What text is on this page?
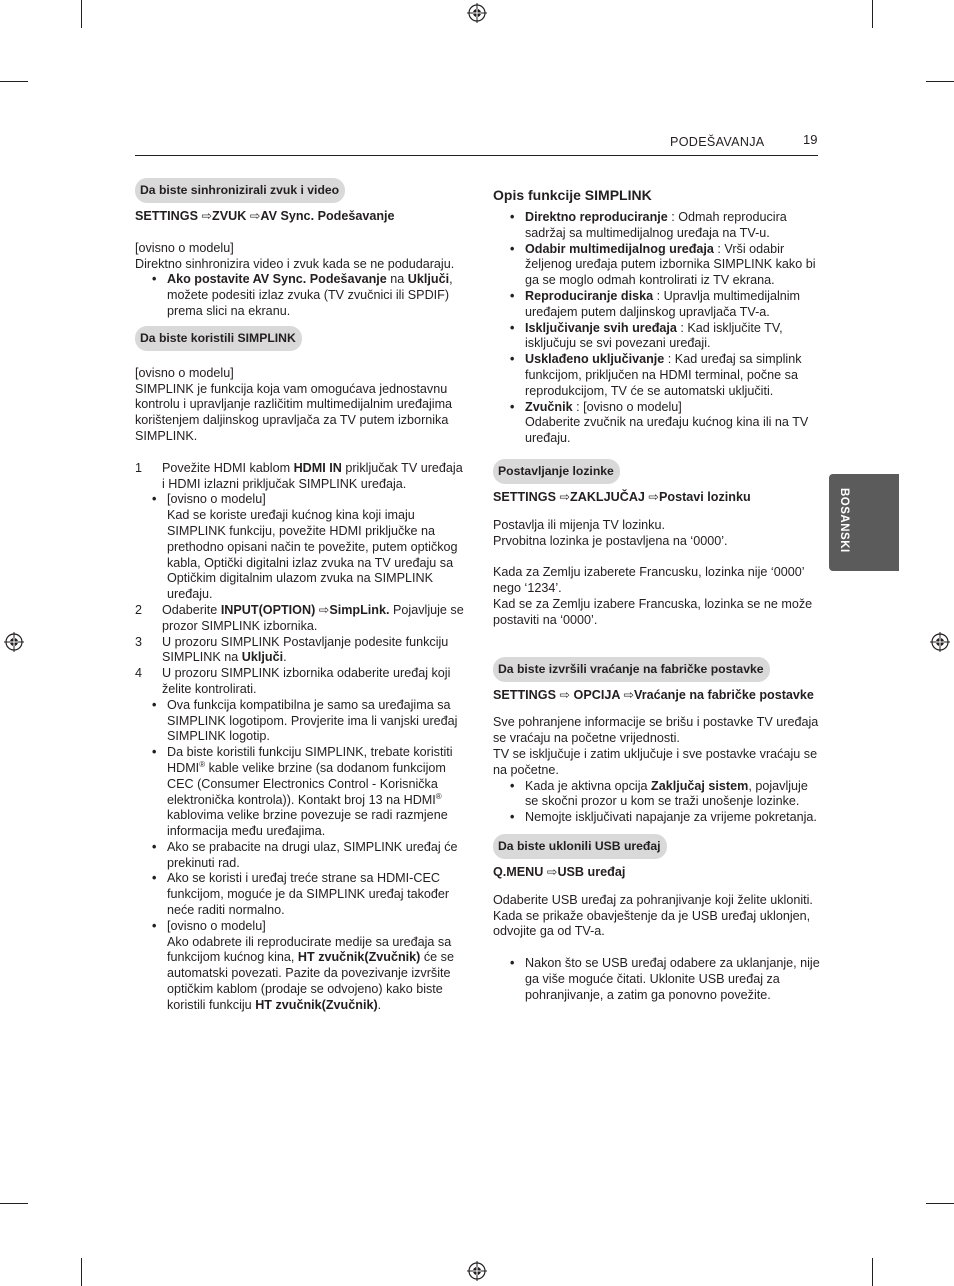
PODEŠAVANJA	19
BOSANSKI
Da biste sinhronizirali zvuk i video

SETTINGS ⇨ZVUK ⇨AV Sync. Podešavanje

[ovisno o modelu]

Direktno sinhronizira video i zvuk kada se ne podudaraju.

• Ako postavite AV Sync. Podešavanje na Uključi, možete podesiti izlaz zvuka (TV zvučnici ili SPDIF) prema slici na ekranu.
Da biste koristili SIMPLINK

[ovisno o modelu]

SIMPLINK je funkcija koja vam omogućava jednostavnu kontrolu i upravljanje različitim multimedijalnim uređajima korištenjem daljinskog upravljača za TV putem izbornika SIMPLINK.

1 Povežite HDMI kablom HDMI IN priključak TV uređaja i HDMI izlazni priključak SIMPLINK uređaja.
• [ovisno o modelu]
Kad se koriste uređaji kućnog kina koji imaju SIMPLINK funkciju, povežite HDMI priključke na prethodno opisani način te povežite, putem optičkog kabla, Optički digitalni izlaz zvuka na TV uređaju sa Optičkim digitalnim ulazom zvuka na SIMPLINK uređaju.
2 Odaberite INPUT(OPTION) ⇨SimpLink. Pojavljuje se prozor SIMPLINK izbornika.
3 U prozoru SIMPLINK Postavljanje podesite funkciju SIMPLINK na Uključi.
4 U prozoru SIMPLINK izbornika odaberite uređaj koji želite kontrolirati.
• Ova funkcija kompatibilna je samo sa uređajima sa SIMPLINK logotipom. Provjerite ima li vanjski uređaj SIMPLINK logotip.
• Da biste koristili funkciju SIMPLINK, trebate koristiti HDMI® kable velike brzine (sa dodanom funkcijom CEC (Consumer Electronics Control - Korisnička elektronička kontrola)). Kontakt broj 13 na HDMI® kablovima velike brzine povezuje se radi razmjene informacija među uređajima.
• Ako se prabacite na drugi ulaz, SIMPLINK uređaj će prekinuti rad.
• Ako se koristi i uređaj treće strane sa HDMI-CEC funkcijom, moguće je da SIMPLINK uređaj također neće raditi normalno.
• [ovisno o modelu]
Ako odabrete ili reproducirate medije sa uređaja sa funkcijom kućnog kina, HT zvučnik(Zvučnik) će se automatski povezati. Pazite da povezivanje izvršite optičkim kablom (prodaje se odvojeno) kako biste koristili funkciju HT zvučnik(Zvučnik).

Opis funkcije SIMPLINK

• Direktno reproduciranje : Odmah reproducira sadržaj sa multimedijalnog uređaja na TV-u.
• Odabir multimedijalnog uređaja : Vrši odabir željenog uređaja putem izbornika SIMPLINK kako bi ga se moglo odmah kontrolirati iz TV ekrana.
• Reproduciranje diska : Upravlja multimedijalnim uređajem putem daljinskog upravljača TV-a.
• Isključivanje svih uređaja : Kad isključite TV, isključuju se svi povezani uređaji.
• Usklađeno uključivanje : Kad uređaj sa simplink funkcijom, priključen na HDMI terminal, počne sa reprodukcijom, TV će se automatski uključiti.
• Zvučnik : [ovisno o modelu]
Odaberite zvučnik na uređaju kućnog kina ili na TV uređaju.
Postavljanje lozinke

SETTINGS ⇨ZAKLJUČAJ ⇨Postavi lozinku

Postavlja ili mijenja TV lozinku.
Prvobitna lozinka je postavljena na ‘0000’.

Kada za Zemlju izaberete Francusku, lozinka nije ‘0000’ nego ‘1234’.
Kad se za Zemlju izabere Francuska, lozinka se ne može postaviti na ‘0000’.

Da biste izvršili vraćanje na fabričke postavke

SETTINGS ⇨ OPCIJA ⇨Vraćanje na fabričke postavke

Sve pohranjene informacije se brišu i postavke TV uređaja se vraćaju na početne vrijednosti.
TV se isključuje i zatim uključuje i sve postavke vraćaju se na početne.

• Kada je aktivna opcija Zaključaj sistem, pojavljuje se skočni prozor u kom se traži unošenje lozinke.
• Nemojte isključivati napajanje za vrijeme pokretanja.
Da biste uklonili USB uređaj

Q.MENU ⇨USB uređaj

Odaberite USB uređaj za pohranjivanje koji želite ukloniti.
Kada se prikaže obavještenje da je USB uređaj uklonjen, odvojite ga od TV-a.

• Nakon što se USB uređaj odabere za uklanjanje, nije ga više moguće čitati. Uklonite USB uređaj za pohranjivanje, a zatim ga ponovno povežite.
